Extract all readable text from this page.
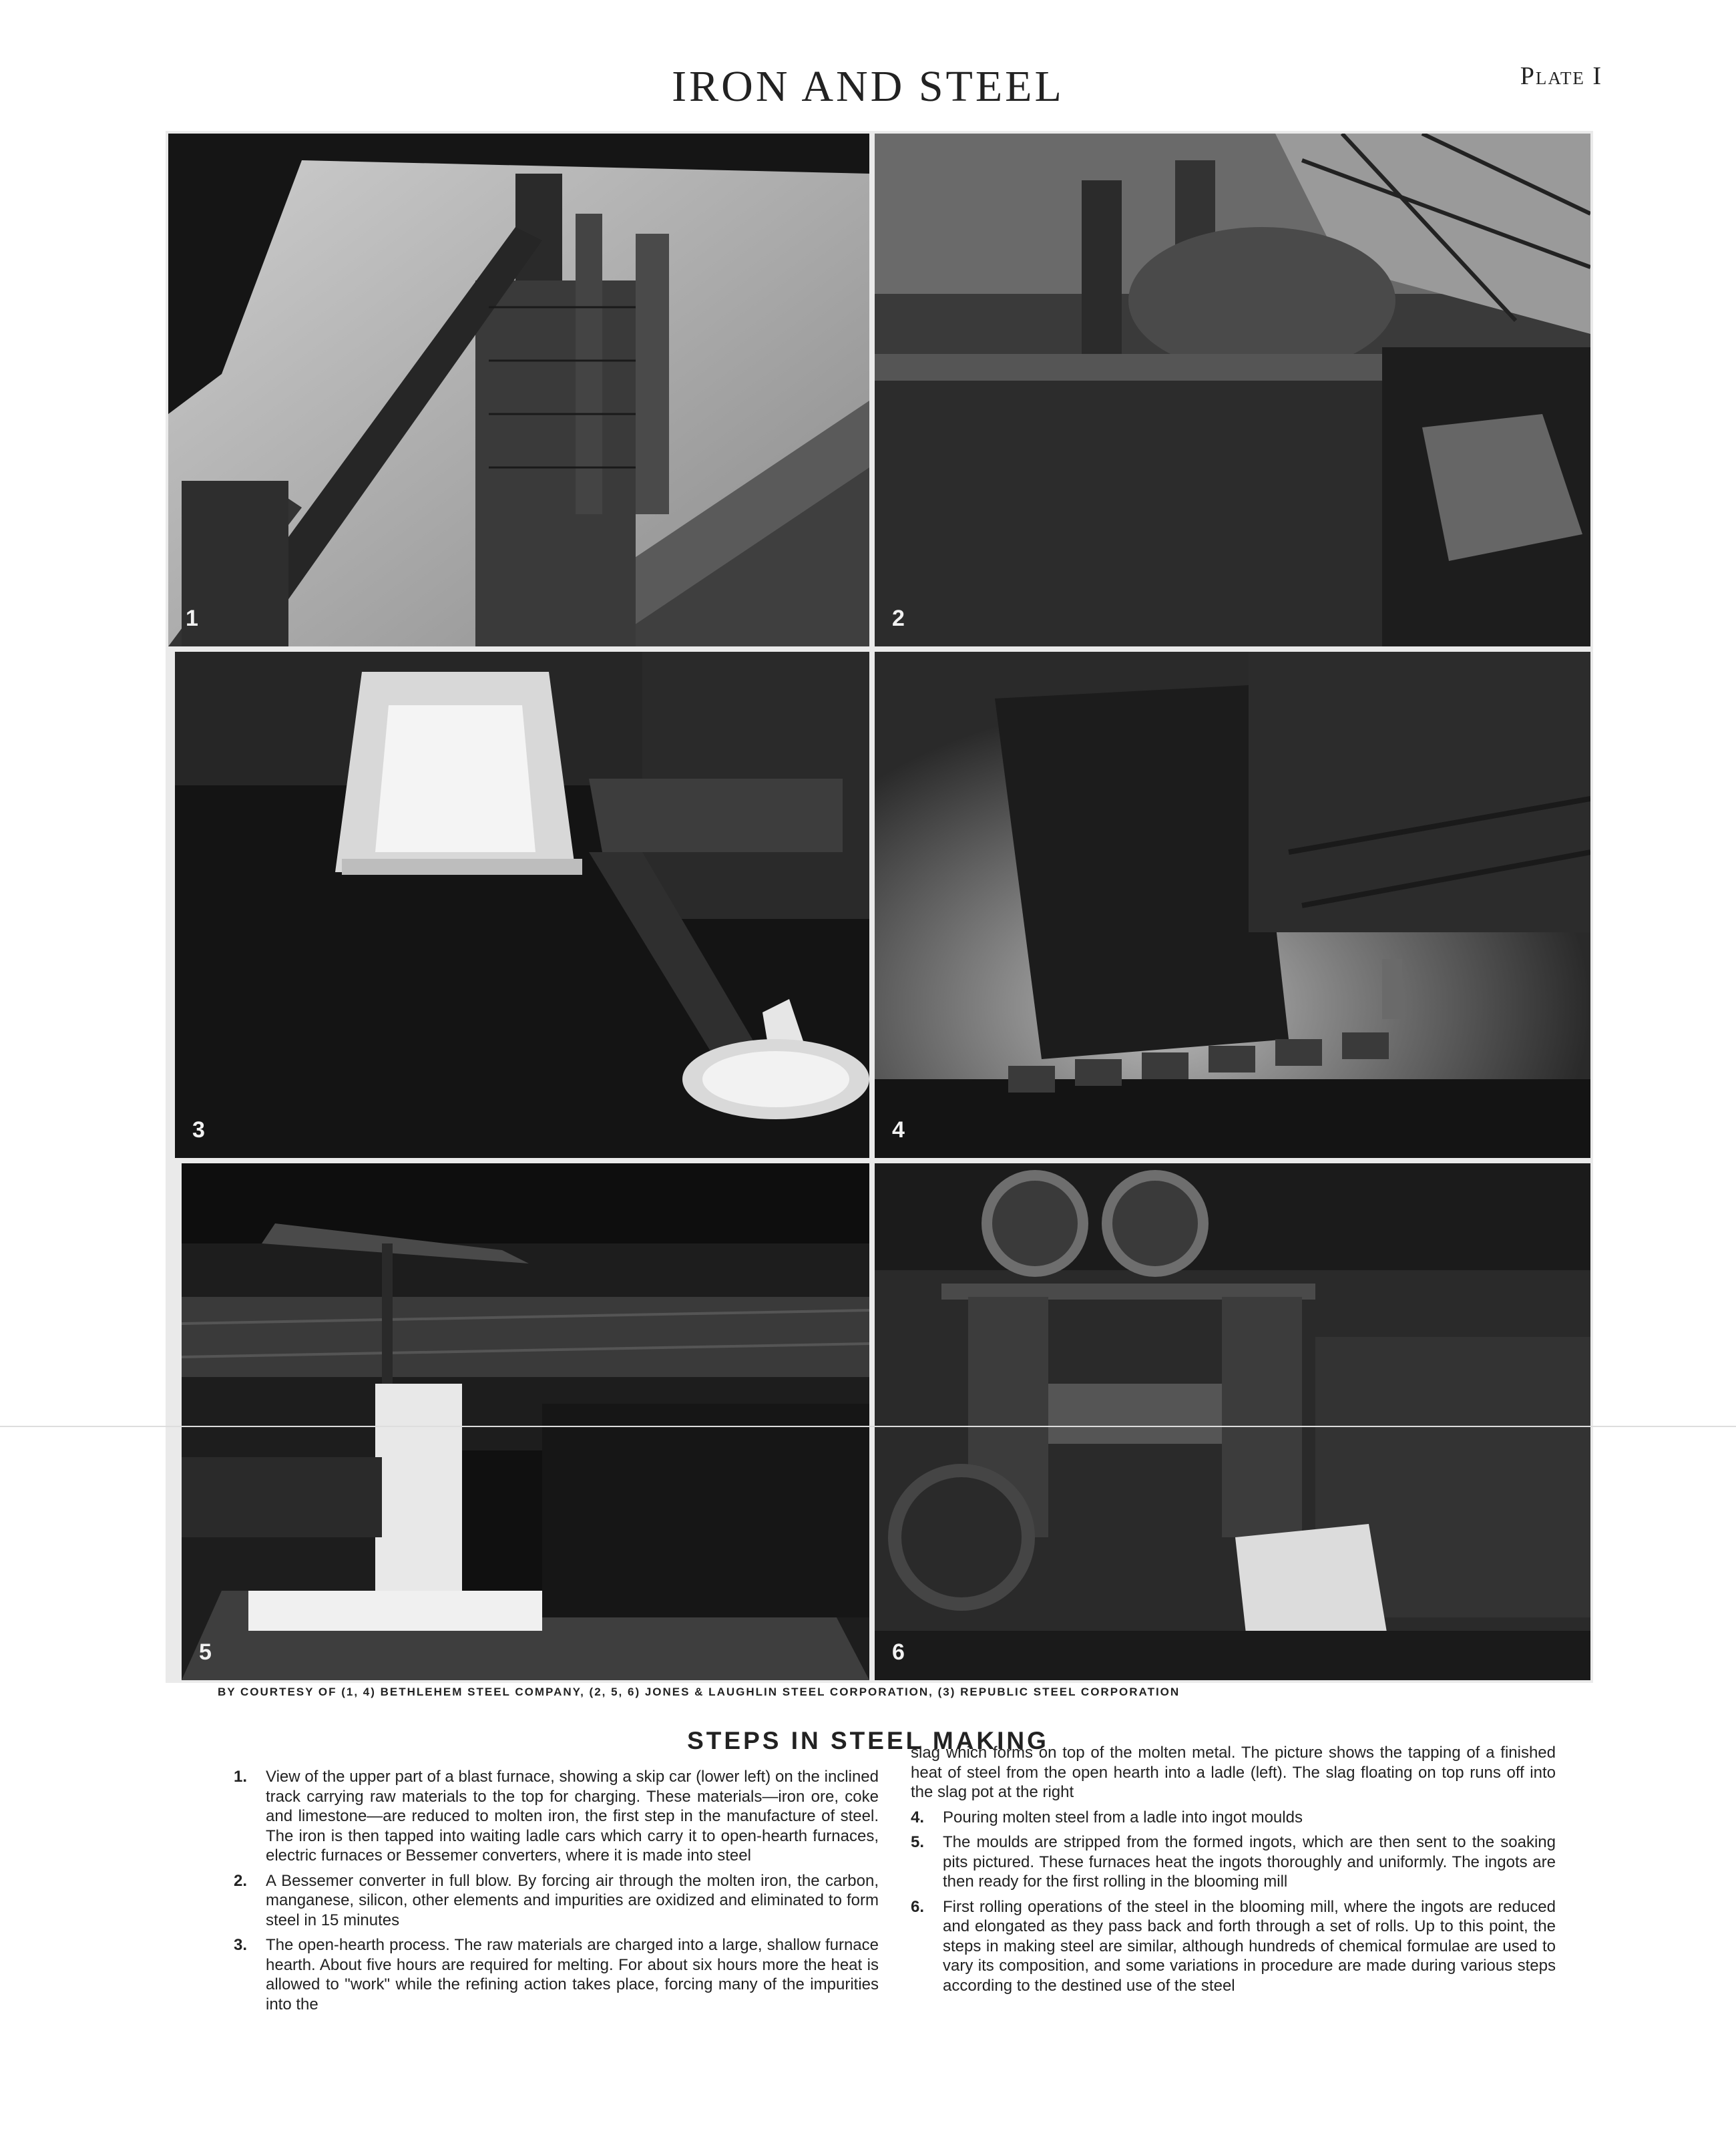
IRON AND STEEL	Plate I
1	2
3	4
5	6
BY COURTESY OF (1, 4) BETHLEHEM STEEL COMPANY, (2, 5, 6) JONES & LAUGHLIN STEEL CORPORATION, (3) REPUBLIC STEEL CORPORATION
STEPS IN STEEL MAKING

1. View of the upper part of a blast furnace, showing a skip car (lower left) on the inclined track carrying raw materials to the top for charging. These materials—iron ore, coke and limestone—are reduced to molten iron, the first step in the manufacture of steel. The iron is then tapped into waiting ladle cars which carry it to open-hearth furnaces, electric furnaces or Bessemer converters, where it is made into steel

2. A Bessemer converter in full blow. By forcing air through the molten iron, the carbon, manganese, silicon, other elements and impurities are oxidized and eliminated to form steel in 15 minutes

3. The open-hearth process. The raw materials are charged into a large, shallow furnace hearth. About five hours are required for melting. For about six hours more the heat is allowed to "work" while the refining action takes place, forcing many of the impurities into the

slag which forms on top of the molten metal. The picture shows the tapping of a finished heat of steel from the open hearth into a ladle (left). The slag floating on top runs off into the slag pot at the right

4. Pouring molten steel from a ladle into ingot moulds

5. The moulds are stripped from the formed ingots, which are then sent to the soaking pits pictured. These furnaces heat the ingots thoroughly and uniformly. The ingots are then ready for the first rolling in the blooming mill

6. First rolling operations of the steel in the blooming mill, where the ingots are reduced and elongated as they pass back and forth through a set of rolls. Up to this point, the steps in making steel are similar, although hundreds of chemical formulae are used to vary its composition, and some variations in procedure are made during various steps according to the destined use of the steel
